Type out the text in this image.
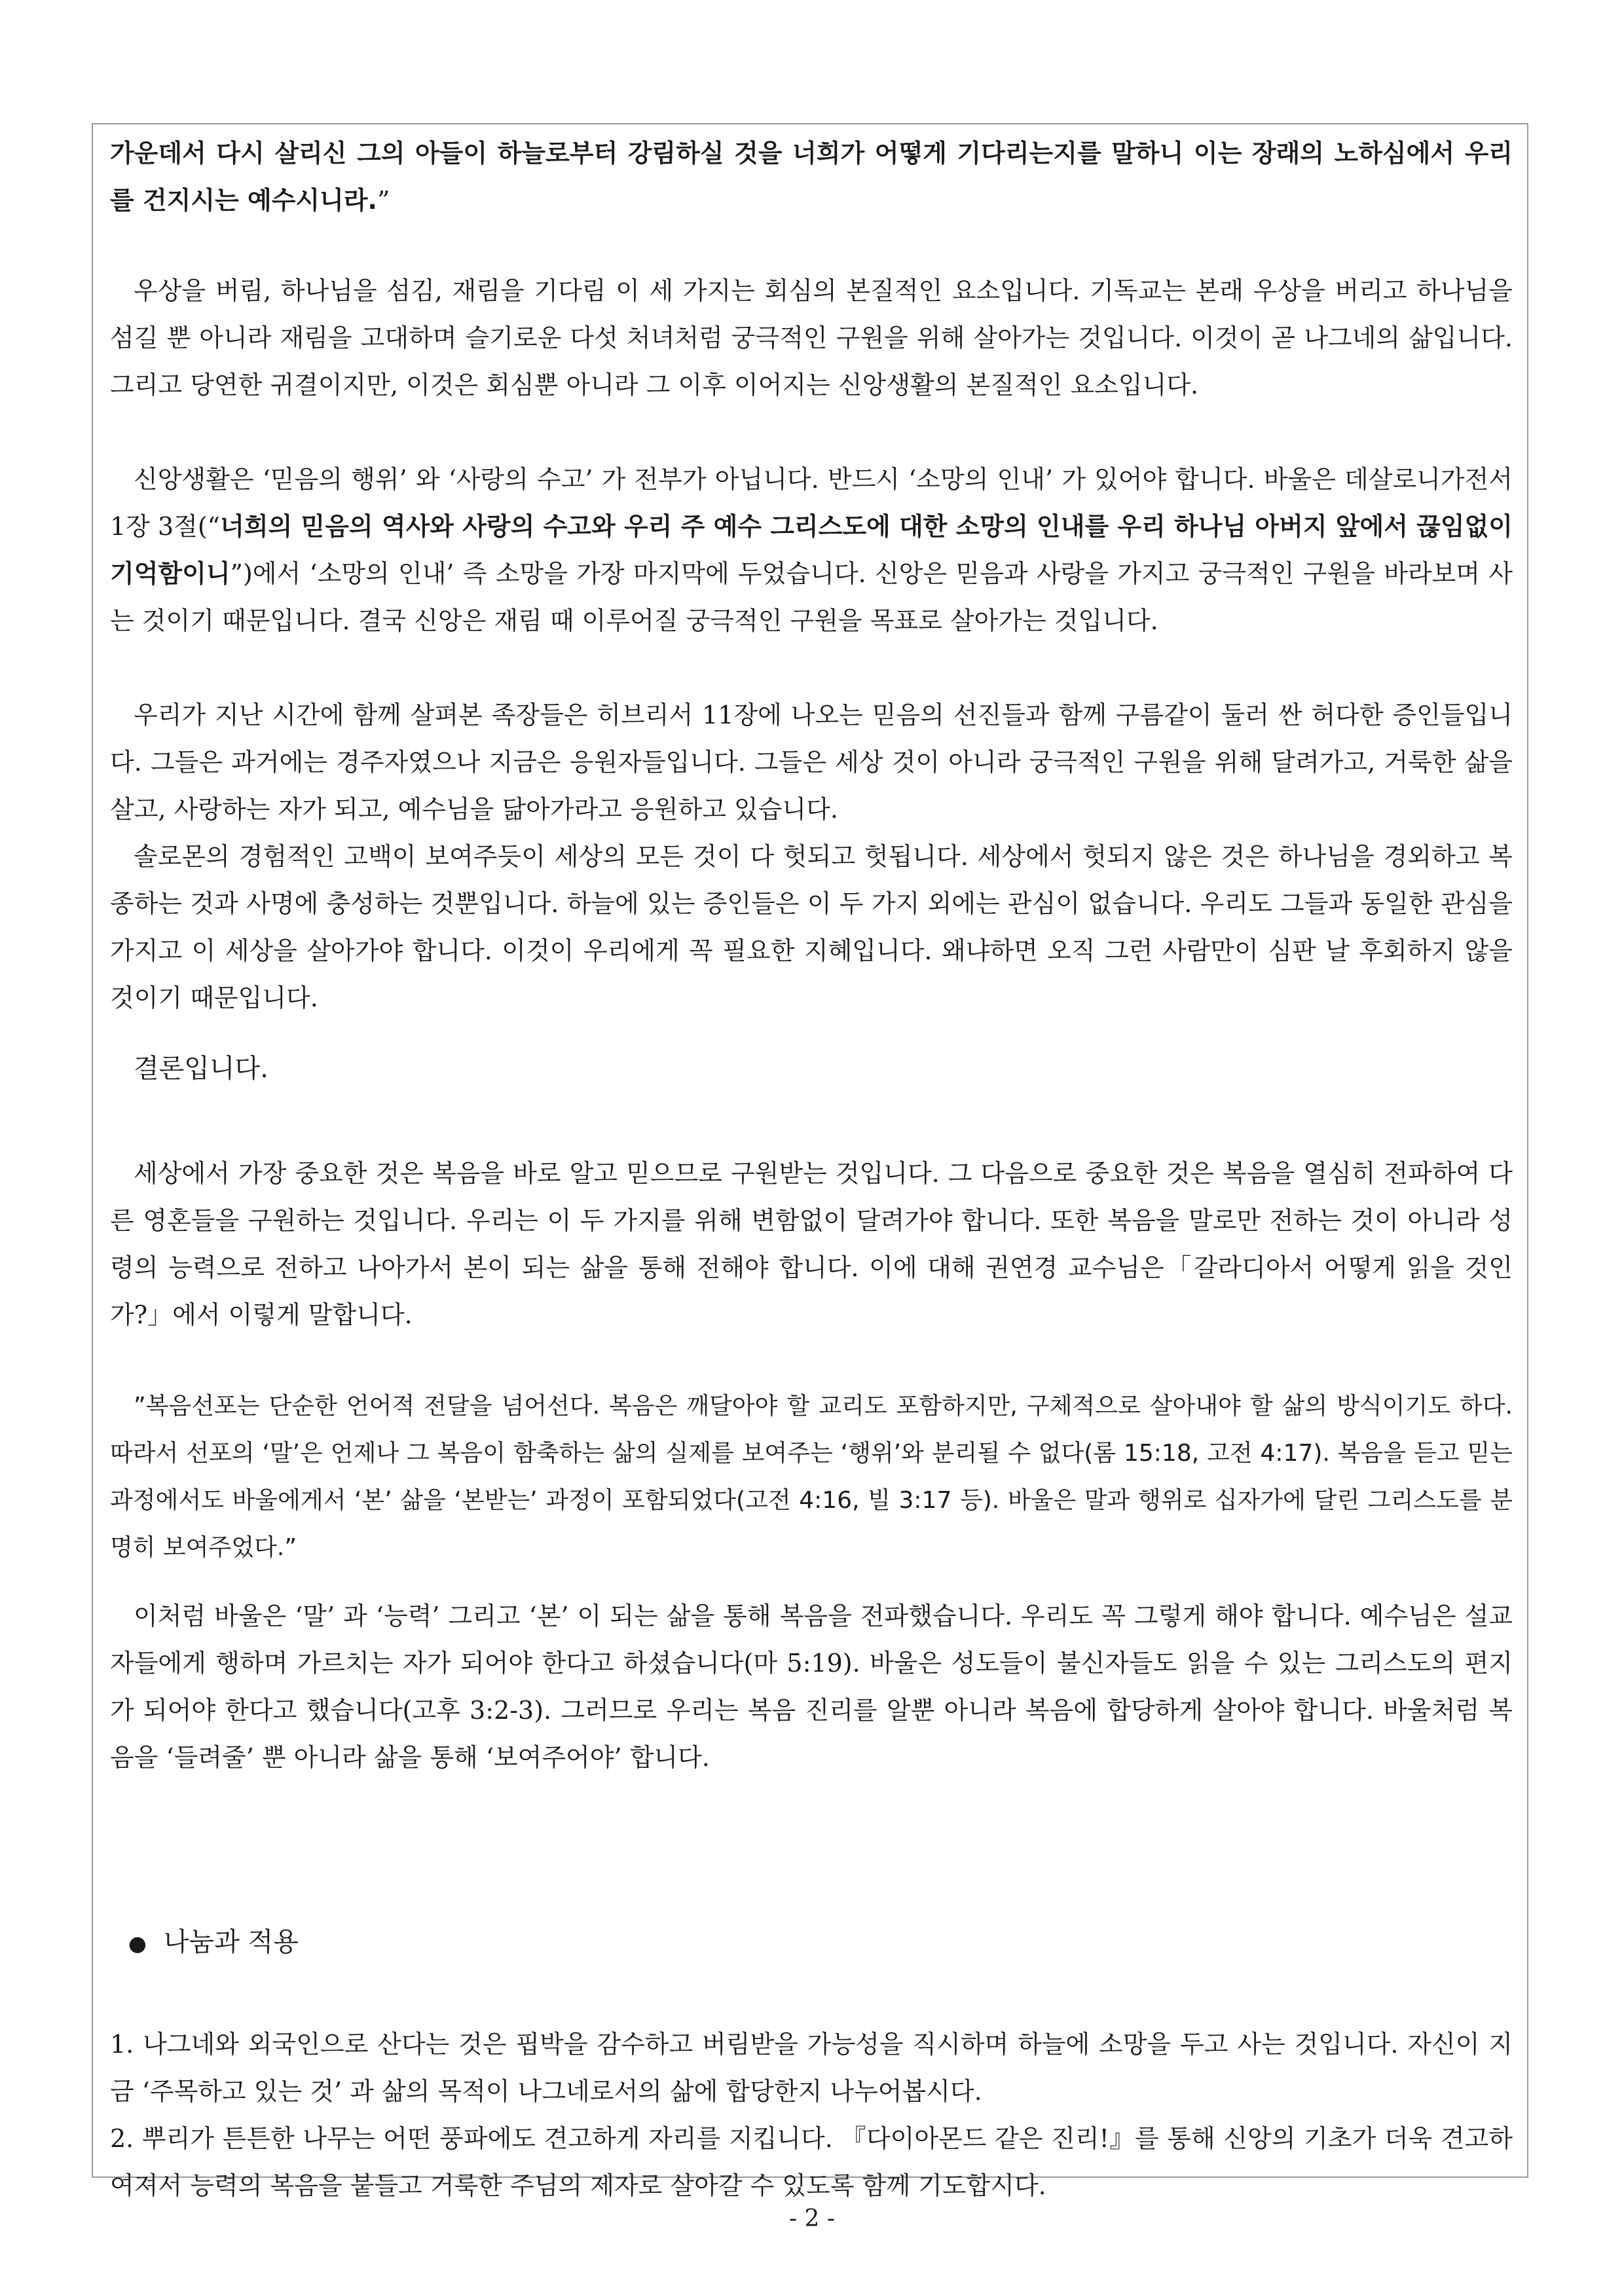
가운데서 다시 살리신 그의 아들이 하늘로부터 강림하실 것을 너희가 어떻게 기다리는지를 말하니 이는 장래의 노하심에서 우리를 건지시는 예수시니라.”

우상을 버림, 하나님을 섬김, 재림을 기다림 이 세 가지는 회심의 본질적인 요소입니다. 기독교는 본래 우상을 버리고 하나님을 섬길 뿐 아니라 재림을 고대하며 슬기로운 다섯 처녀처럼 궁극적인 구원을 위해 살아가는 것입니다. 이것이 곧 나그네의 삶입니다. 그리고 당연한 귀결이지만, 이것은 회심뿐 아니라 그 이후 이어지는 신앙생활의 본질적인 요소입니다.

신앙생활은 ‘믿음의 행위’ 와 ‘사랑의 수고’ 가 전부가 아닙니다. 반드시 ‘소망의 인내’ 가 있어야 합니다. 바울은 데살로니가전서 1장 3절(“너희의 믿음의 역사와 사랑의 수고와 우리 주 예수 그리스도에 대한 소망의 인내를 우리 하나님 아버지 앞에서 끊임없이 기억함이니”)에서 ‘소망의 인내’ 즉 소망을 가장 마지막에 두었습니다. 신앙은 믿음과 사랑을 가지고 궁극적인 구원을 바라보며 사는 것이기 때문입니다. 결국 신앙은 재림 때 이루어질 궁극적인 구원을 목표로 살아가는 것입니다.

우리가 지난 시간에 함께 살펴본 족장들은 히브리서 11장에 나오는 믿음의 선진들과 함께 구름같이 둘러 싼 허다한 증인들입니다. 그들은 과거에는 경주자였으나 지금은 응원자들입니다. 그들은 세상 것이 아니라 궁극적인 구원을 위해 달려가고, 거룩한 삶을 살고, 사랑하는 자가 되고, 예수님을 닮아가라고 응원하고 있습니다.

솔로몬의 경험적인 고백이 보여주듯이 세상의 모든 것이 다 헛되고 헛됩니다. 세상에서 헛되지 않은 것은 하나님을 경외하고 복종하는 것과 사명에 충성하는 것뿐입니다. 하늘에 있는 증인들은 이 두 가지 외에는 관심이 없습니다. 우리도 그들과 동일한 관심을 가지고 이 세상을 살아가야 합니다. 이것이 우리에게 꼭 필요한 지혜입니다. 왜냐하면 오직 그런 사람만이 심판 날 후회하지 않을 것이기 때문입니다.

결론입니다.

세상에서 가장 중요한 것은 복음을 바로 알고 믿으므로 구원받는 것입니다. 그 다음으로 중요한 것은 복음을 열심히 전파하여 다른 영혼들을 구원하는 것입니다. 우리는 이 두 가지를 위해 변함없이 달려가야 합니다. 또한 복음을 말로만 전하는 것이 아니라 성령의 능력으로 전하고 나아가서 본이 되는 삶을 통해 전해야 합니다. 이에 대해 권연경 교수님은「갈라디아서 어떻게 읽을 것인가?」에서 이렇게 말합니다.

”복음선포는 단순한 언어적 전달을 넘어선다. 복음은 깨달아야 할 교리도 포함하지만, 구체적으로 살아내야 할 삶의 방식이기도 하다. 따라서 선포의 ‘말’은 언제나 그 복음이 함축하는 삶의 실제를 보여주는 ‘행위’와 분리될 수 없다(롬 15:18, 고전 4:17). 복음을 듣고 믿는 과정에서도 바울에게서 ‘본’ 삶을 ‘본받는’ 과정이 포함되었다(고전 4:16, 빌 3:17 등). 바울은 말과 행위로 십자가에 달린 그리스도를 분명히 보여주었다.”

이처럼 바울은 ‘말’ 과 ‘능력’ 그리고 ‘본’ 이 되는 삶을 통해 복음을 전파했습니다. 우리도 꼭 그렇게 해야 합니다. 예수님은 설교자들에게 행하며 가르치는 자가 되어야 한다고 하셨습니다(마 5:19). 바울은 성도들이 불신자들도 읽을 수 있는 그리스도의 편지가 되어야 한다고 했습니다(고후 3:2-3). 그러므로 우리는 복음 진리를 알뿐 아니라 복음에 합당하게 살아야 합니다. 바울처럼 복음을 ‘들려줄’ 뿐 아니라 삶을 통해 ‘보여주어야’ 합니다.

● 나눔과 적용

1. 나그네와 외국인으로 산다는 것은 핍박을 감수하고 버림받을 가능성을 직시하며 하늘에 소망을 두고 사는 것입니다. 자신이 지금 ‘주목하고 있는 것’ 과 삶의 목적이 나그네로서의 삶에 합당한지 나누어봅시다.

2. 뿌리가 튼튼한 나무는 어떤 풍파에도 견고하게 자리를 지킵니다. 『다이아몬드 같은 진리!』를 통해 신앙의 기초가 더욱 견고하여져서 능력의 복음을 붙들고 거룩한 주님의 제자로 살아갈 수 있도록 함께 기도합시다.

- 2 -
